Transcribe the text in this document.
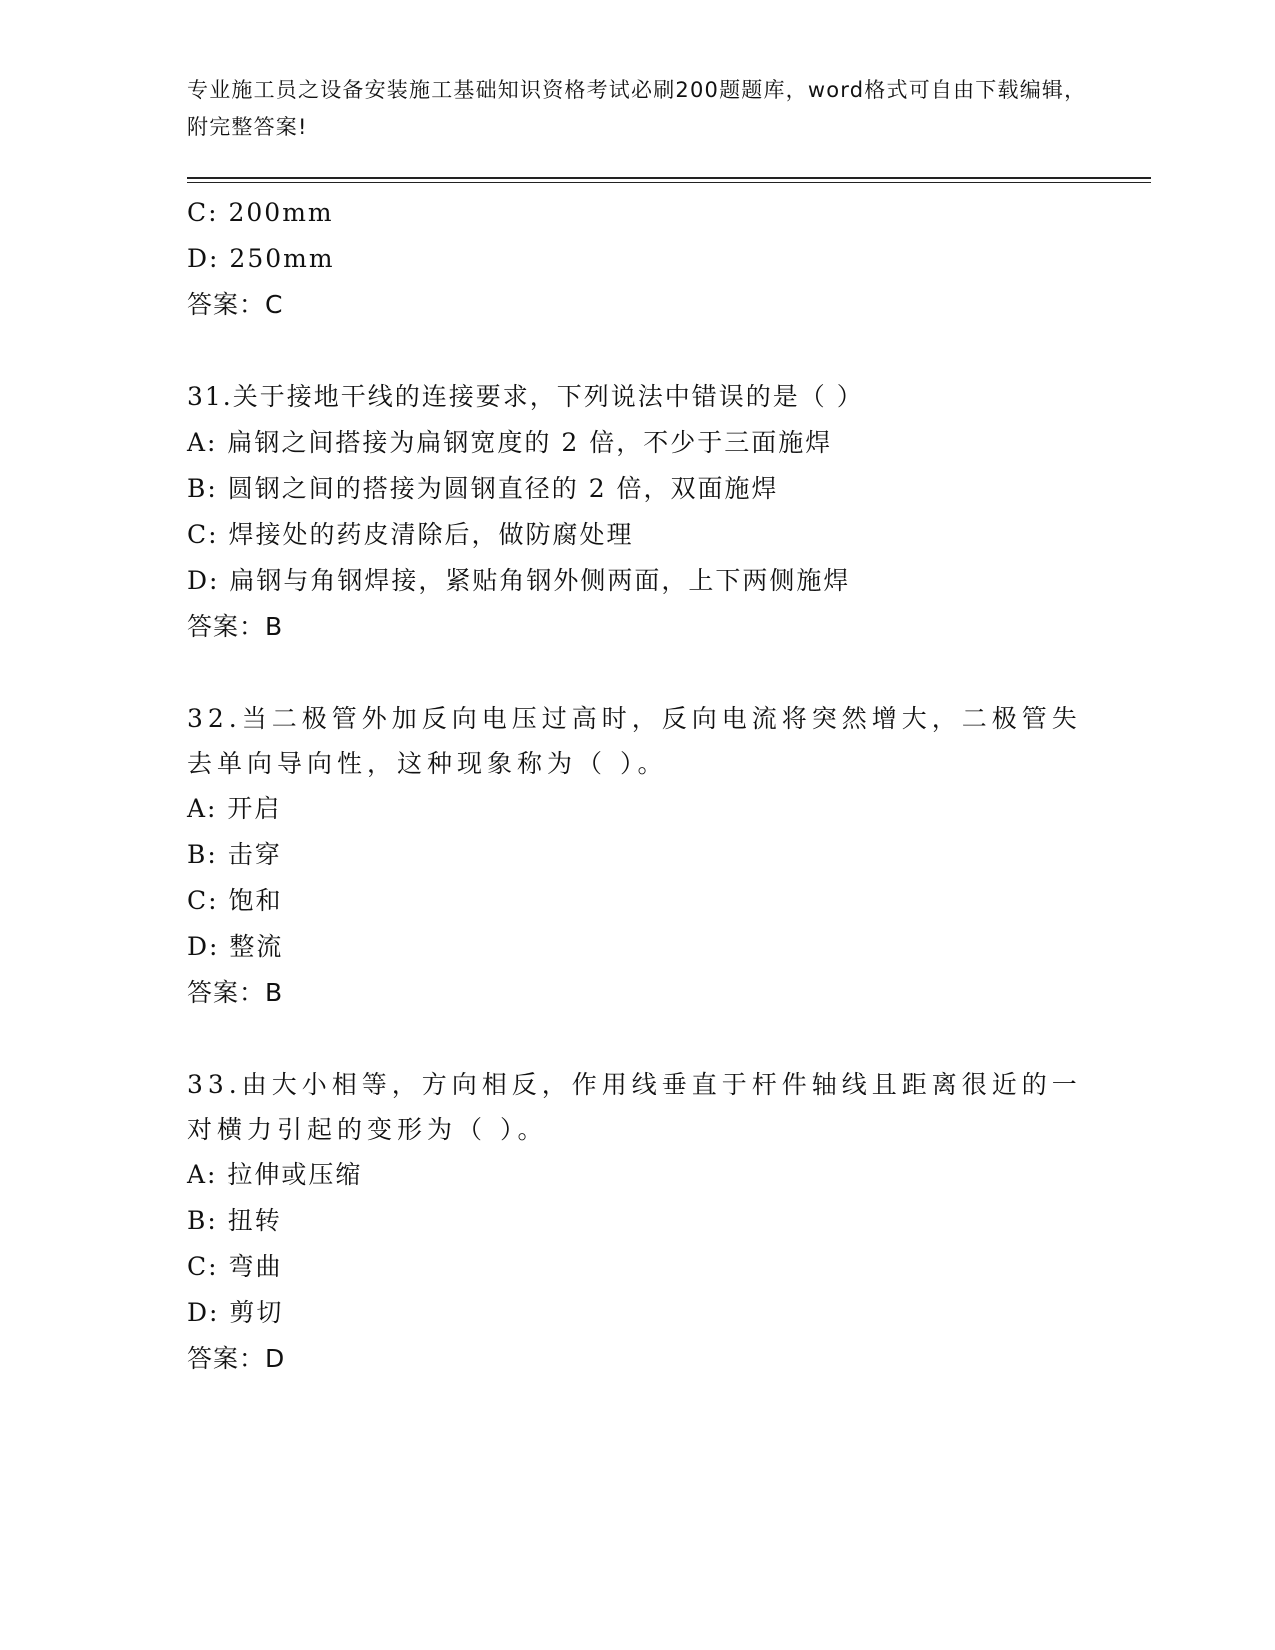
专业施工员之设备安装施工基础知识资格考试必刷200题题库，word格式可自由下载编辑，附完整答案!
C: 200mm
D: 250mm
答案：C
31.关于接地干线的连接要求，下列说法中错误的是（ ）
A: 扁钢之间搭接为扁钢宽度的 2 倍，不少于三面施焊
B: 圆钢之间的搭接为圆钢直径的 2 倍，双面施焊
C: 焊接处的药皮清除后，做防腐处理
D: 扁钢与角钢焊接，紧贴角钢外侧两面，上下两侧施焊
答案：B
32.当二极管外加反向电压过高时，反向电流将突然增大，二极管失去单向导向性，这种现象称为（ ）。
A: 开启
B: 击穿
C: 饱和
D: 整流
答案：B
33.由大小相等，方向相反，作用线垂直于杆件轴线且距离很近的一对横力引起的变形为（ ）。
A: 拉伸或压缩
B: 扭转
C: 弯曲
D: 剪切
答案：D
